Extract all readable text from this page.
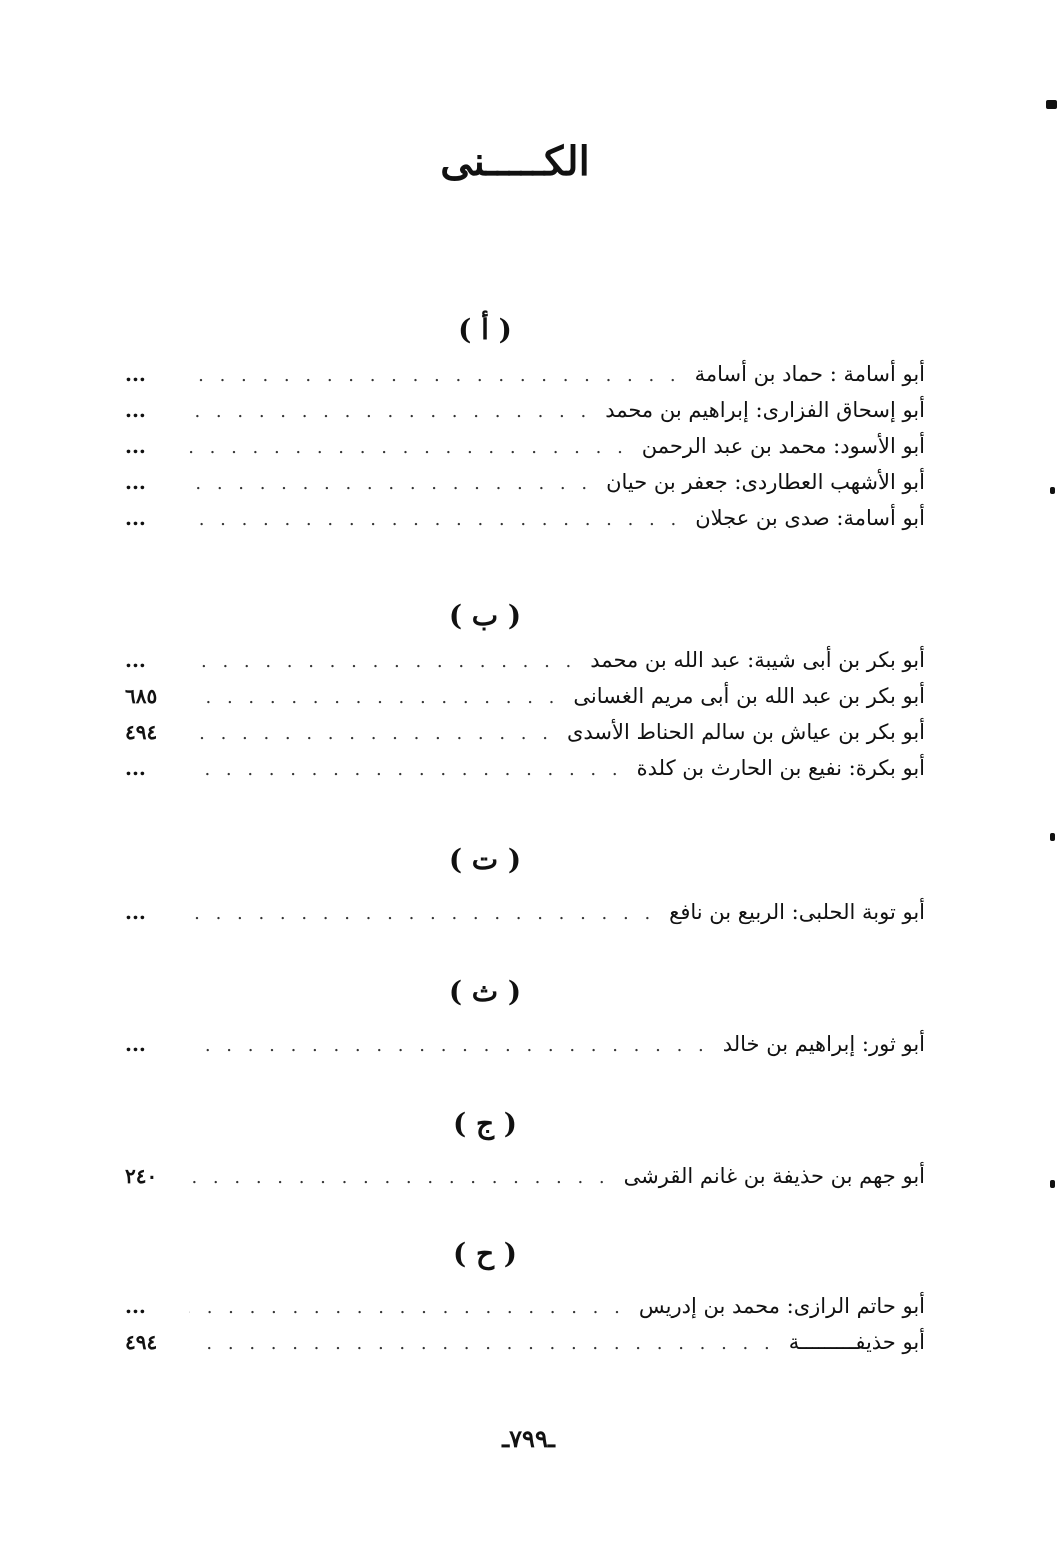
الكـــــنى
( أ )
أبو أسامة : حماد بن أسامة
. . .
...
أبو إسحاق الفزارى: إبراهيم بن محمد
. . .
...
أبو الأسود: محمد بن عبد الرحمن
. . .
...
أبو الأشهب العطاردى: جعفر بن حيان
. . .
...
أبو أسامة: صدى بن عجلان
. . .
...
( ب )
أبو بكر بن أبى شيبة: عبد الله بن محمد
. . .
...
أبو بكر بن عبد الله بن أبى مريم الغسانى
. . .
٦٨٥
أبو بكر بن عياش بن سالم الحناط الأسدى
. . .
٤٩٤
أبو بكرة: نفيع بن الحارث بن كلدة
. . .
...
( ت )
أبو توبة الحلبى: الربيع بن نافع
. . .
...
( ث )
أبو ثور: إبراهيم بن خالد
. . .
...
( ج )
أبو جهم بن حذيفة بن غانم القرشى
. . .
٢٤٠
( ح )
أبو حاتم الرازى: محمد بن إدريس
. . .
...
أبو حذيفـــــــــة
. . .
٤٩٤
ـ٧٩٩ـ
